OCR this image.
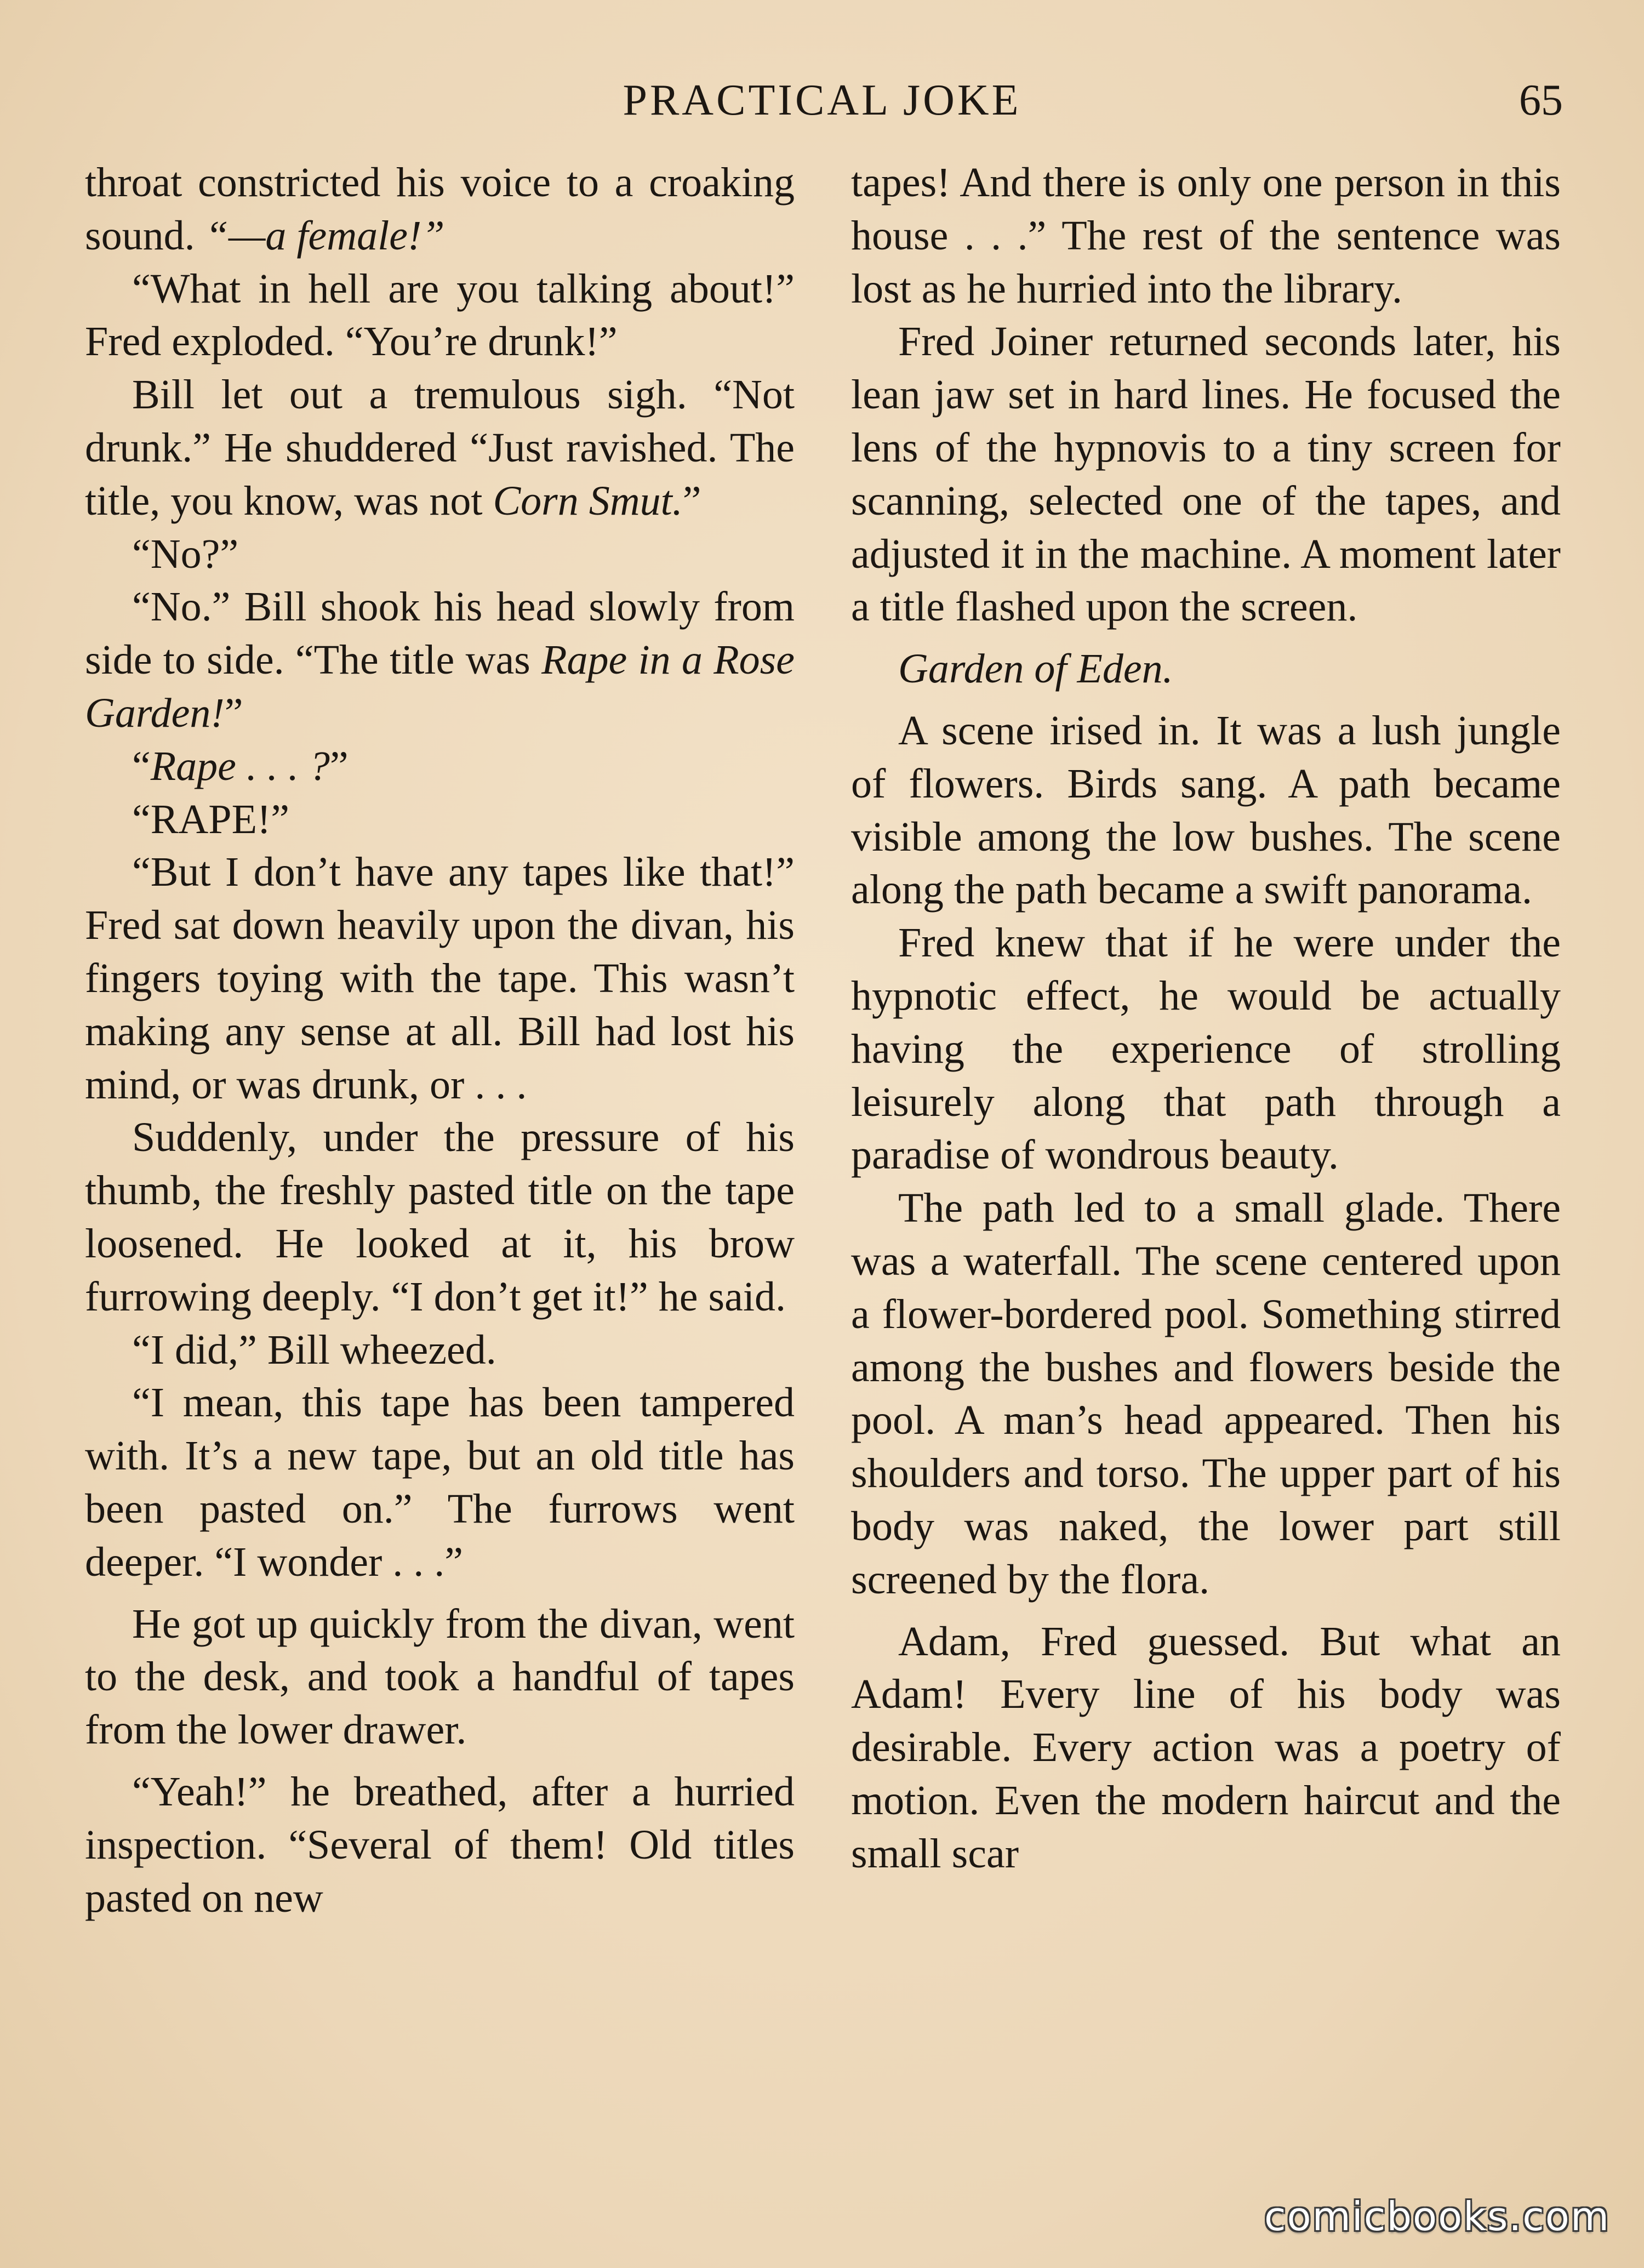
PRACTICAL JOKE	65

throat constricted his voice to a croaking sound. “—a female!”

“What in hell are you talking about!” Fred exploded. “You’re drunk!”

Bill let out a tremulous sigh. “Not drunk.” He shuddered “Just ravished. The title, you know, was not Corn Smut.”

“No?”

“No.” Bill shook his head slowly from side to side. “The title was Rape in a Rose Garden!”

“Rape . . . ?”

“RAPE!”

“But I don’t have any tapes like that!” Fred sat down heavily upon the divan, his fingers toying with the tape. This wasn’t making any sense at all. Bill had lost his mind, or was drunk, or . . .

Suddenly, under the pressure of his thumb, the freshly pasted title on the tape loosened. He looked at it, his brow furrowing deeply. “I don’t get it!” he said.

“I did,” Bill wheezed.

“I mean, this tape has been tampered with. It’s a new tape, but an old title has been pasted on.” The furrows went deeper. “I wonder . . .”

He got up quickly from the divan, went to the desk, and took a handful of tapes from the lower drawer.

“Yeah!” he breathed, after a hurried inspection. “Several of them! Old titles pasted on new

tapes! And there is only one person in this house . . .” The rest of the sentence was lost as he hurried into the library.

Fred Joiner returned seconds later, his lean jaw set in hard lines. He focused the lens of the hypnovis to a tiny screen for scanning, selected one of the tapes, and adjusted it in the machine. A moment later a title flashed upon the screen.

Garden of Eden.

A scene irised in. It was a lush jungle of flowers. Birds sang. A path became visible among the low bushes. The scene along the path became a swift panorama.

Fred knew that if he were under the hypnotic effect, he would be actually having the experience of strolling leisurely along that path through a paradise of wondrous beauty.

The path led to a small glade. There was a waterfall. The scene centered upon a flower-bordered pool. Something stirred among the bushes and flowers beside the pool. A man’s head appeared. Then his shoulders and torso. The upper part of his body was naked, the lower part still screened by the flora.

Adam, Fred guessed. But what an Adam! Every line of his body was desirable. Every action was a poetry of motion. Even the modern haircut and the small scar

comicbooks.com
